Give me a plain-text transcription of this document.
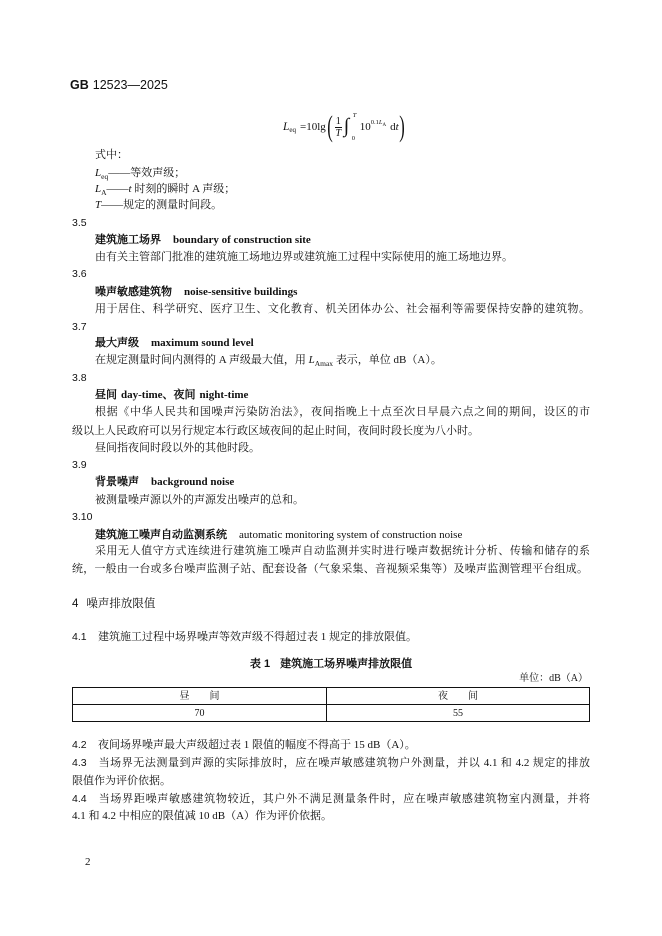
GB 12523—2025
L eq =10lg ( $\frac{1}{T}$ ∫ T
0
10 $0.1L_A$ d t )
式中：
$L_{eq}——$等效声级；
$L_A——t$ 时刻的瞬时 A 声级；
T——规定的测量时间段。
3.5
建筑施工场界 boundary of construction site
由有关主管部门批准的建筑施工场地边界或建筑施工过程中实际使用的施工场地边界。
3.6
噪声敏感建筑物 noise-sensitive buildings
用于居住、科学研究、医疗卫生、文化教育、机关团体办公、社会福利等需要保持安静的建筑物。
3.7
最大声级 maximum sound level
在规定测量时间内测得的 A 声级最大值，用 $L_{Amax}$ 表示，单位 dB（A）。
3.8
昼间 day-time、夜间 night-time
根据《中华人民共和国噪声污染防治法》，夜间指晚上十点至次日早晨六点之间的期间，设区的市
级以上人民政府可以另行规定本行政区域夜间的起止时间，夜间时段长度为八小时。
昼间指夜间时段以外的其他时段。
3.9
背景噪声 background noise
被测量噪声源以外的声源发出噪声的总和。
3.10
建筑施工噪声自动监测系统 automatic monitoring system of construction noise
采用无人值守方式连续进行建筑施工噪声自动监测并实时进行噪声数据统计分析、传输和储存的系
统，一般由一台或多台噪声监测子站、配套设备（气象采集、音视频采集等）及噪声监测管理平台组成。
4 噪声排放限值
4.1 建筑施工过程中场界噪声等效声级不得超过表 1 规定的排放限值。
表 1 建筑施工场界噪声排放限值
单位：dB（A）
昼　　间	夜　　间
70	55
4.2 夜间场界噪声最大声级超过表 1 限值的幅度不得高于 15 dB（A）。
4.3 当场界无法测量到声源的实际排放时，应在噪声敏感建筑物户外测量，并以 4.1 和 4.2 规定的排放
限值作为评价依据。
4.4 当场界距噪声敏感建筑物较近，其户外不满足测量条件时，应在噪声敏感建筑物室内测量，并将
4.1 和 4.2 中相应的限值减 10 dB（A）作为评价依据。
2
